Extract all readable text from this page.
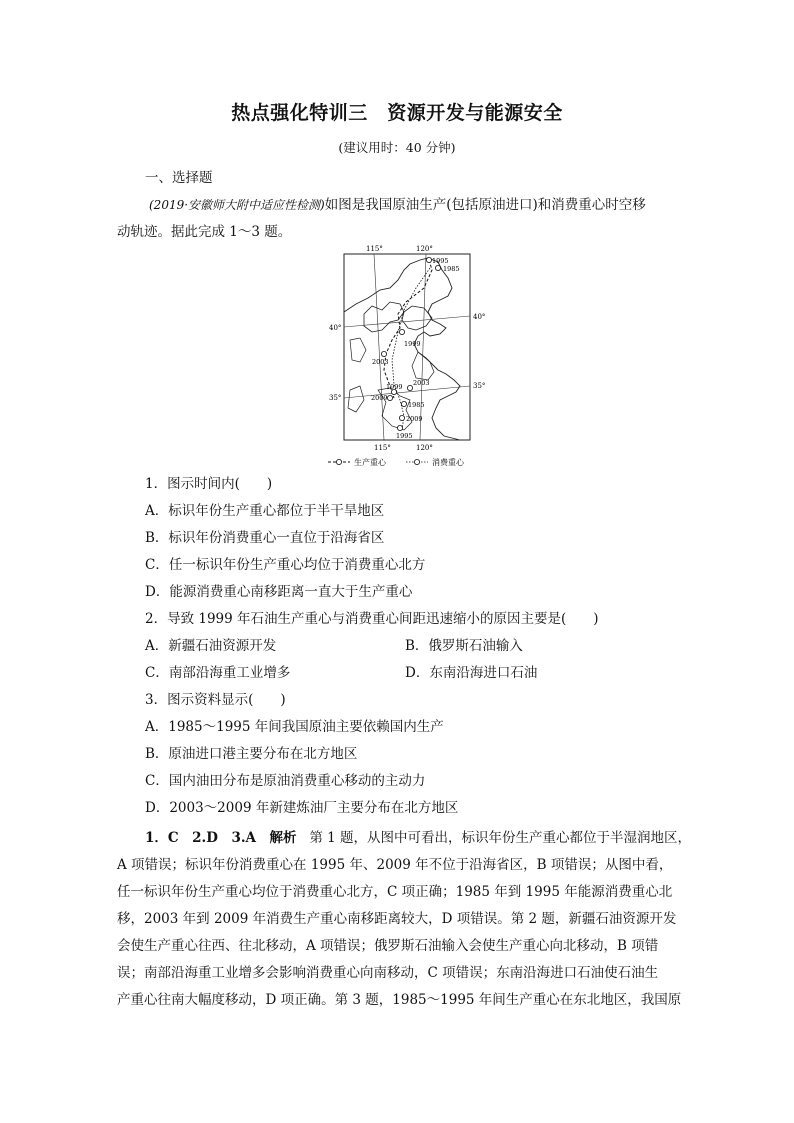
热点强化特训三　资源开发与能源安全
(建议用时：40 分钟)
一、选择题
(2019·安徽师大附中适应性检测)如图是我国原油生产(包括原油进口)和消费重心时空移
动轨迹。据此完成 1～3 题。
1995
1985
1999
2003
1999 2003
2009
1985
2009
1995
115°	120°
40°
40°
35°
35°
115°	120°
生产重心	消费重心
1．图示时间内(　　)
A．标识年份生产重心都位于半干旱地区
B．标识年份消费重心一直位于沿海省区
C．任一标识年份生产重心均位于消费重心北方
D．能源消费重心南移距离一直大于生产重心
2．导致 1999 年石油生产重心与消费重心间距迅速缩小的原因主要是(　　)
A．新疆石油资源开发	B．俄罗斯石油输入
C．南部沿海重工业增多	D．东南沿海进口石油
3．图示资料显示(　　)
A．1985～1995 年间我国原油主要依赖国内生产
B．原油进口港主要分布在北方地区
C．国内油田分布是原油消费重心移动的主动力
D．2003～2009 年新建炼油厂主要分布在北方地区
1．C　2.D　3.A　解析 第 1 题，从图中可看出，标识年份生产重心都位于半湿润地区，
A 项错误；标识年份消费重心在 1995 年、2009 年不位于沿海省区，B 项错误；从图中看，
任一标识年份生产重心均位于消费重心北方，C 项正确；1985 年到 1995 年能源消费重心北
移，2003 年到 2009 年消费生产重心南移距离较大，D 项错误。第 2 题，新疆石油资源开发
会使生产重心往西、往北移动，A 项错误；俄罗斯石油输入会使生产重心向北移动，B 项错
误；南部沿海重工业增多会影响消费重心向南移动，C 项错误；东南沿海进口石油使石油生
产重心往南大幅度移动，D 项正确。第 3 题，1985～1995 年间生产重心在东北地区，我国原
